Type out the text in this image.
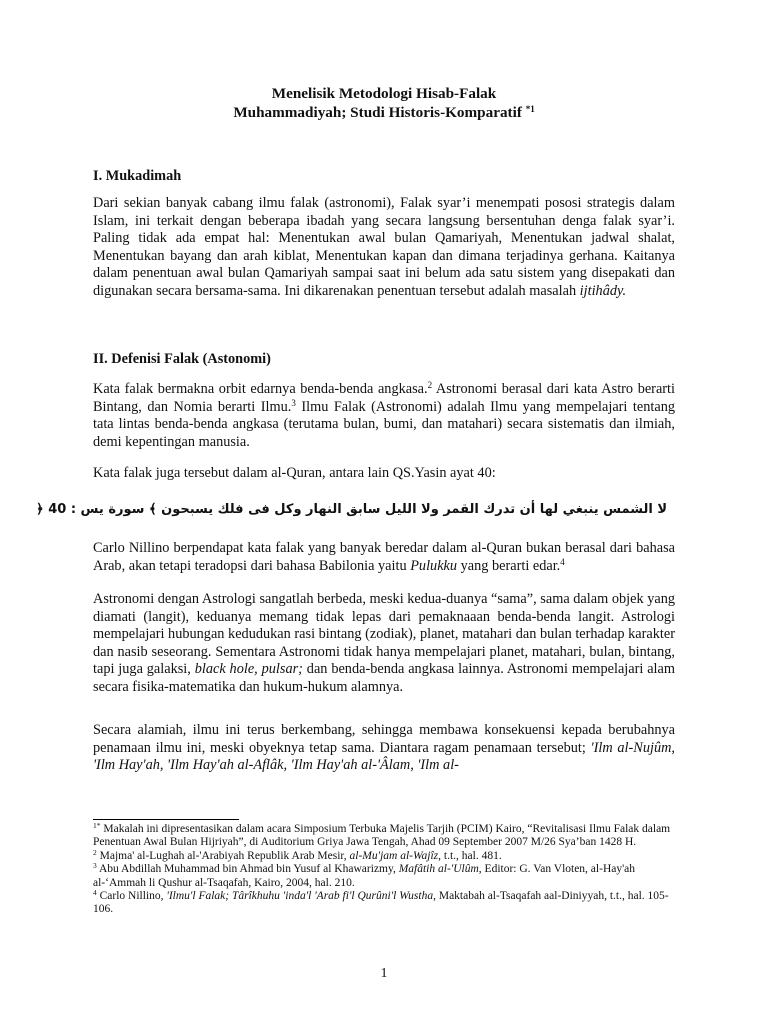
Menelisik Metodologi Hisab-Falak
Muhammadiyah; Studi Historis-Komparatif $^{*1}$

I. Mukadimah

Dari sekian banyak cabang ilmu falak (astronomi), Falak syar’i menempati pososi strategis dalam Islam, ini terkait dengan beberapa ibadah yang secara langsung bersentuhan denga falak syar’i. Paling tidak ada empat hal: Menentukan awal bulan Qamariyah, Menentukan jadwal shalat, Menentukan bayang dan arah kiblat, Menentukan kapan dan dimana terjadinya gerhana. Kaitanya dalam penentuan awal bulan Qamariyah sampai saat ini belum ada satu sistem yang disepakati dan digunakan secara bersama-sama. Ini dikarenakan penentuan tersebut adalah masalah ijtihâdy.

II. Defenisi Falak (Astonomi)

Kata falak bermakna orbit edarnya benda-benda angkasa.$^2$ Astronomi berasal dari kata Astro berarti Bintang, dan Nomia berarti Ilmu.$^3$ Ilmu Falak (Astronomi) adalah Ilmu yang mempelajari tentang tata lintas benda-benda angkasa (terutama bulan, bumi, dan matahari) secara sistematis dan ilmiah, demi kepentingan manusia.

Kata falak juga tersebut dalam al-Quran, antara lain QS.Yasin ayat 40:

لا الشمس ينبغي لها أن تدرك القمر ولا الليل سابق النهار وكل فى فلك يسبحون ﴾ سورة يس : 40 ﴿

Carlo Nillino berpendapat kata falak yang banyak beredar dalam al-Quran bukan berasal dari bahasa Arab, akan tetapi teradopsi dari bahasa Babilonia yaitu Pulukku yang berarti edar.$^4$

Astronomi dengan Astrologi sangatlah berbeda, meski kedua-duanya “sama”, sama dalam objek yang diamati (langit), keduanya memang tidak lepas dari pemaknaaan benda-benda langit. Astrologi mempelajari hubungan kedudukan rasi bintang (zodiak), planet, matahari dan bulan terhadap karakter dan nasib seseorang. Sementara Astronomi tidak hanya mempelajari planet, matahari, bulan, bintang, tapi juga galaksi, black hole, pulsar; dan benda-benda angkasa lainnya. Astronomi mempelajari alam secara fisika-matematika dan hukum-hukum alamnya.

Secara alamiah, ilmu ini terus berkembang, sehingga membawa konsekuensi kepada berubahnya penamaan ilmu ini, meski obyeknya tetap sama. Diantara ragam penamaan tersebut; 'Ilm al-Nujûm, 'Ilm Hay'ah, 'Ilm Hay'ah al-Aflâk, 'Ilm Hay'ah al-'Âlam, 'Ilm al-

$^{1*}$ Makalah ini dipresentasikan dalam acara Simposium Terbuka Majelis Tarjih (PCIM) Kairo, “Revitalisasi Ilmu Falak dalam Penentuan Awal Bulan Hijriyah”, di Auditorium Griya Jawa Tengah, Ahad 09 September 2007 M/26 Sya’ban 1428 H.

$^2$ Majma' al-Lughah al-'Arabiyah Republik Arab Mesir, al-Mu'jam al-Wajîz, t.t., hal. 481.

$^3$ Abu Abdillah Muhammad bin Ahmad bin Yusuf al Khawarizmy, Mafâtih al-'Ulûm, Editor: G. Van Vloten, al-Hay'ah al-‘Ammah li Qushur al-Tsaqafah, Kairo, 2004, hal. 210.

$^4$ Carlo Nillino, 'Ilmu'l Falak; Târîkhuhu 'inda'l 'Arab fi'l Qurûni'l Wustha, Maktabah al-Tsaqafah aal-Diniyyah, t.t., hal. 105-106.

1
